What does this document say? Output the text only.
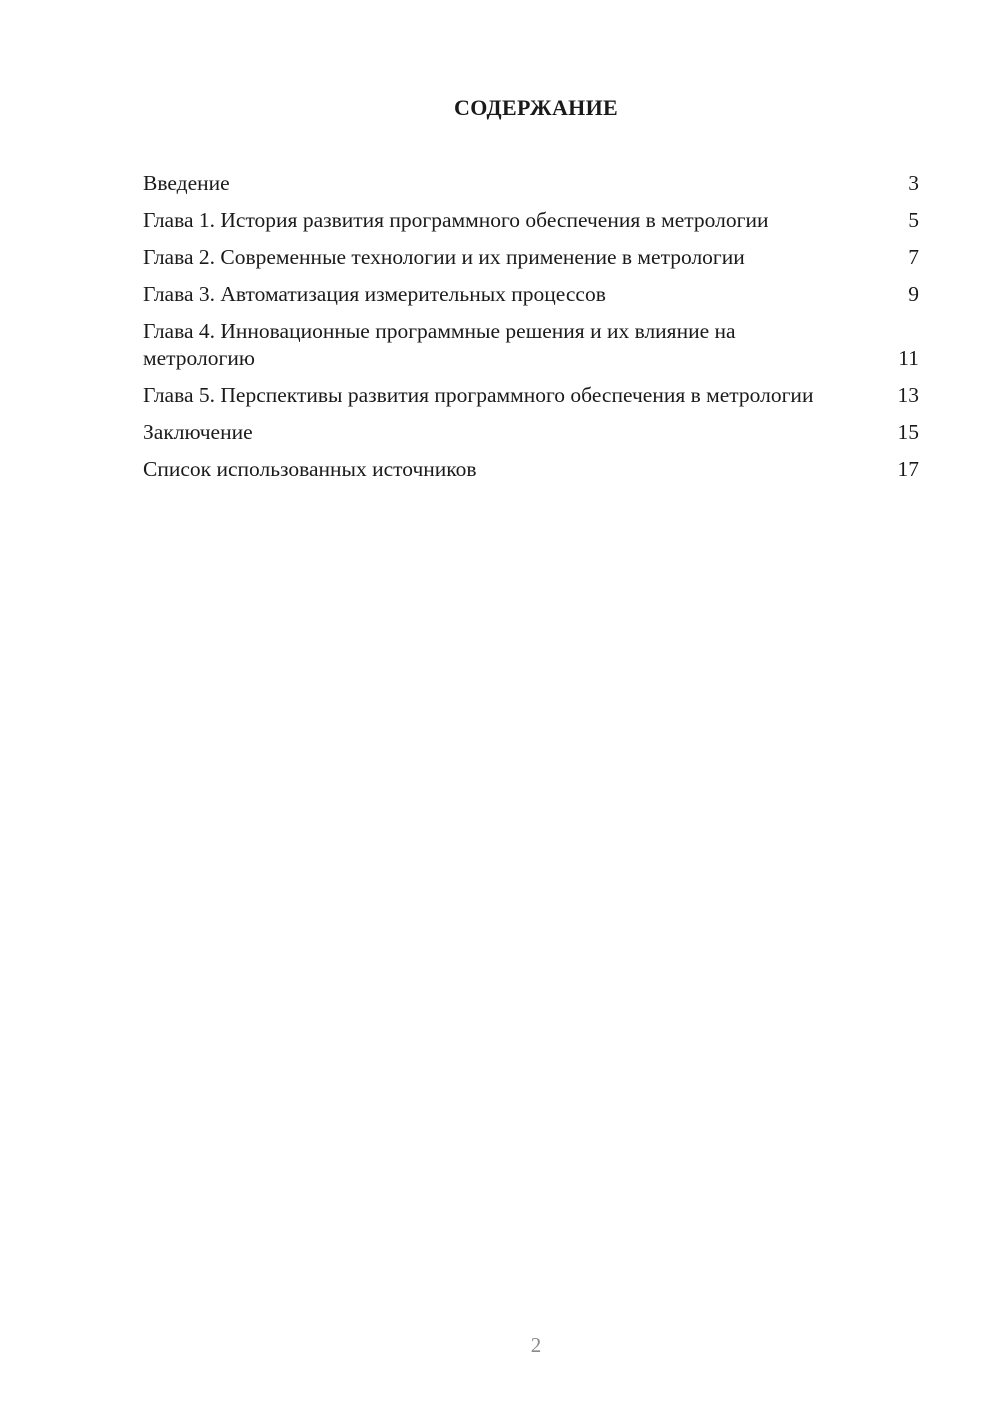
СОДЕРЖАНИЕ
Введение	3
Глава 1. История развития программного обеспечения в метрологии	5
Глава 2. Современные технологии и их применение в метрологии	7
Глава 3. Автоматизация измерительных процессов	9
Глава 4. Инновационные программные решения и их влияние на метрологию	11
Глава 5. Перспективы развития программного обеспечения в метрологии	13
Заключение	15
Список использованных источников	17
2
